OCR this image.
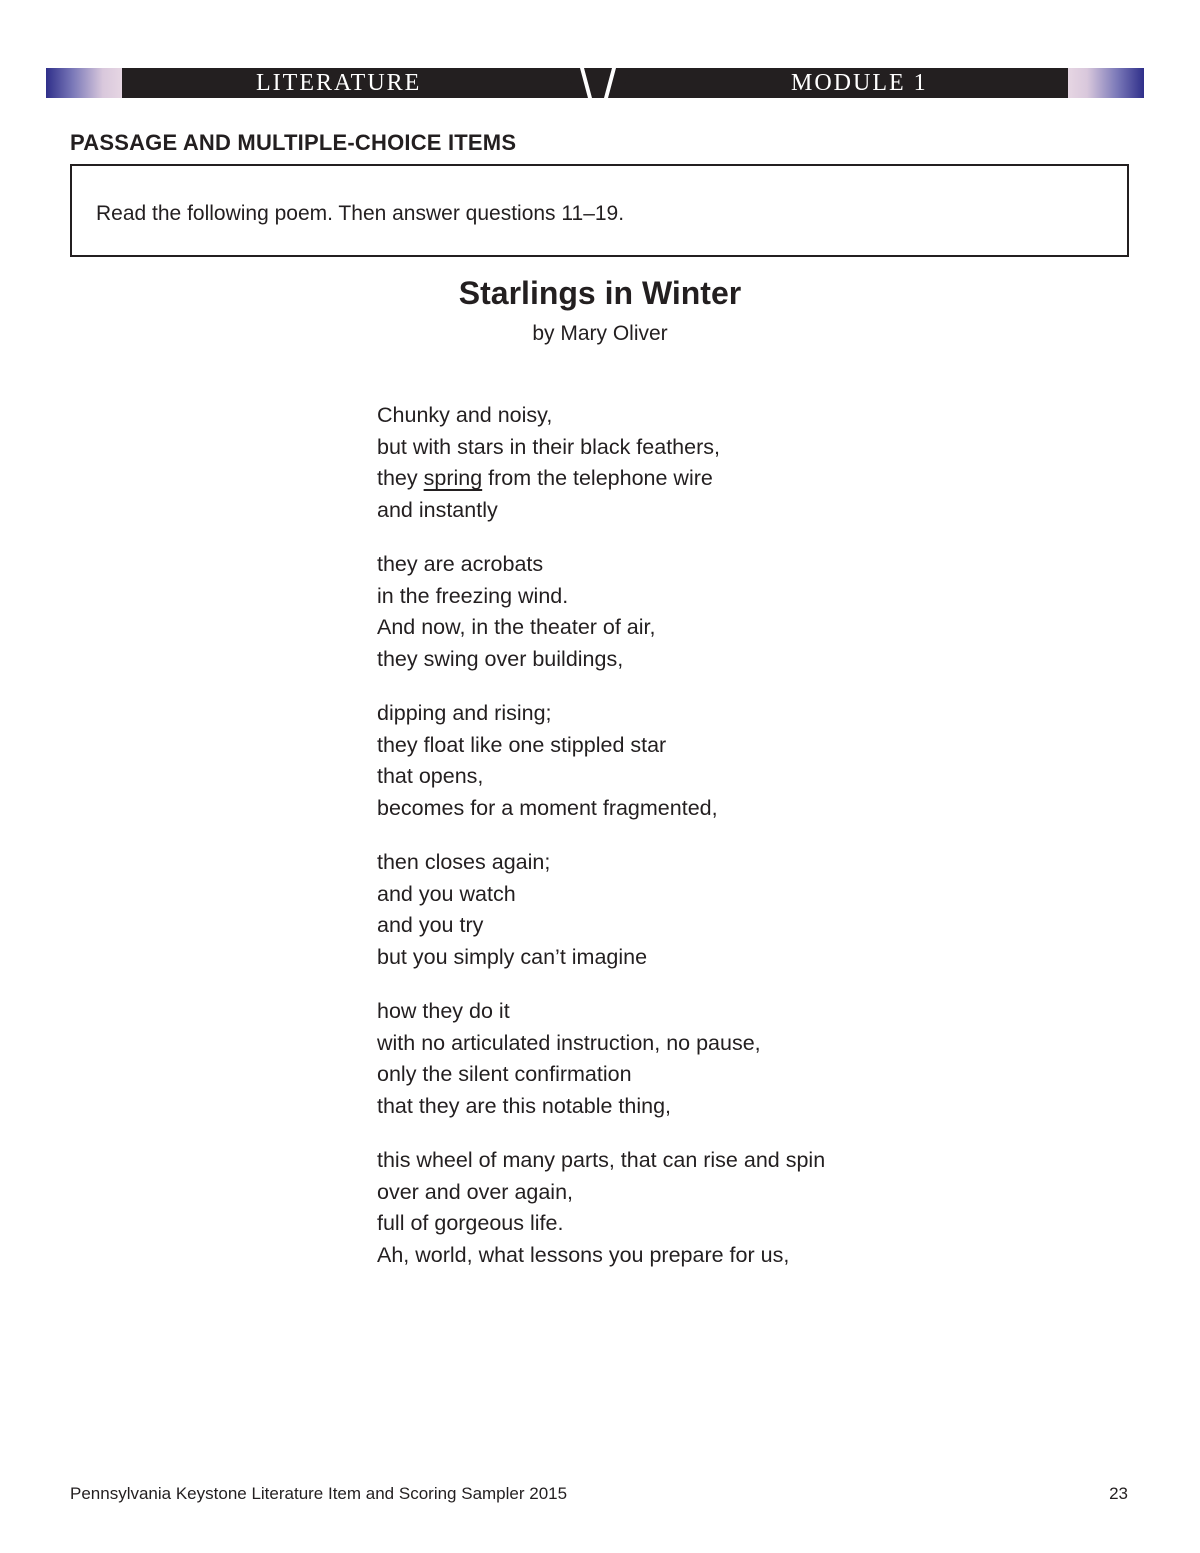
LITERATURE	MODULE 1
PASSAGE AND MULTIPLE-CHOICE ITEMS
Read the following poem. Then answer questions 11–19.
Starlings in Winter
by Mary Oliver
Chunky and noisy,
but with stars in their black feathers,
they spring from the telephone wire
and instantly
they are acrobats
in the freezing wind.
And now, in the theater of air,
they swing over buildings,
dipping and rising;
they float like one stippled star
that opens,
becomes for a moment fragmented,
then closes again;
and you watch
and you try
but you simply can’t imagine
how they do it
with no articulated instruction, no pause,
only the silent confirmation
that they are this notable thing,
this wheel of many parts, that can rise and spin
over and over again,
full of gorgeous life.
Ah, world, what lessons you prepare for us,
Pennsylvania Keystone Literature Item and Scoring Sampler 2015	23
